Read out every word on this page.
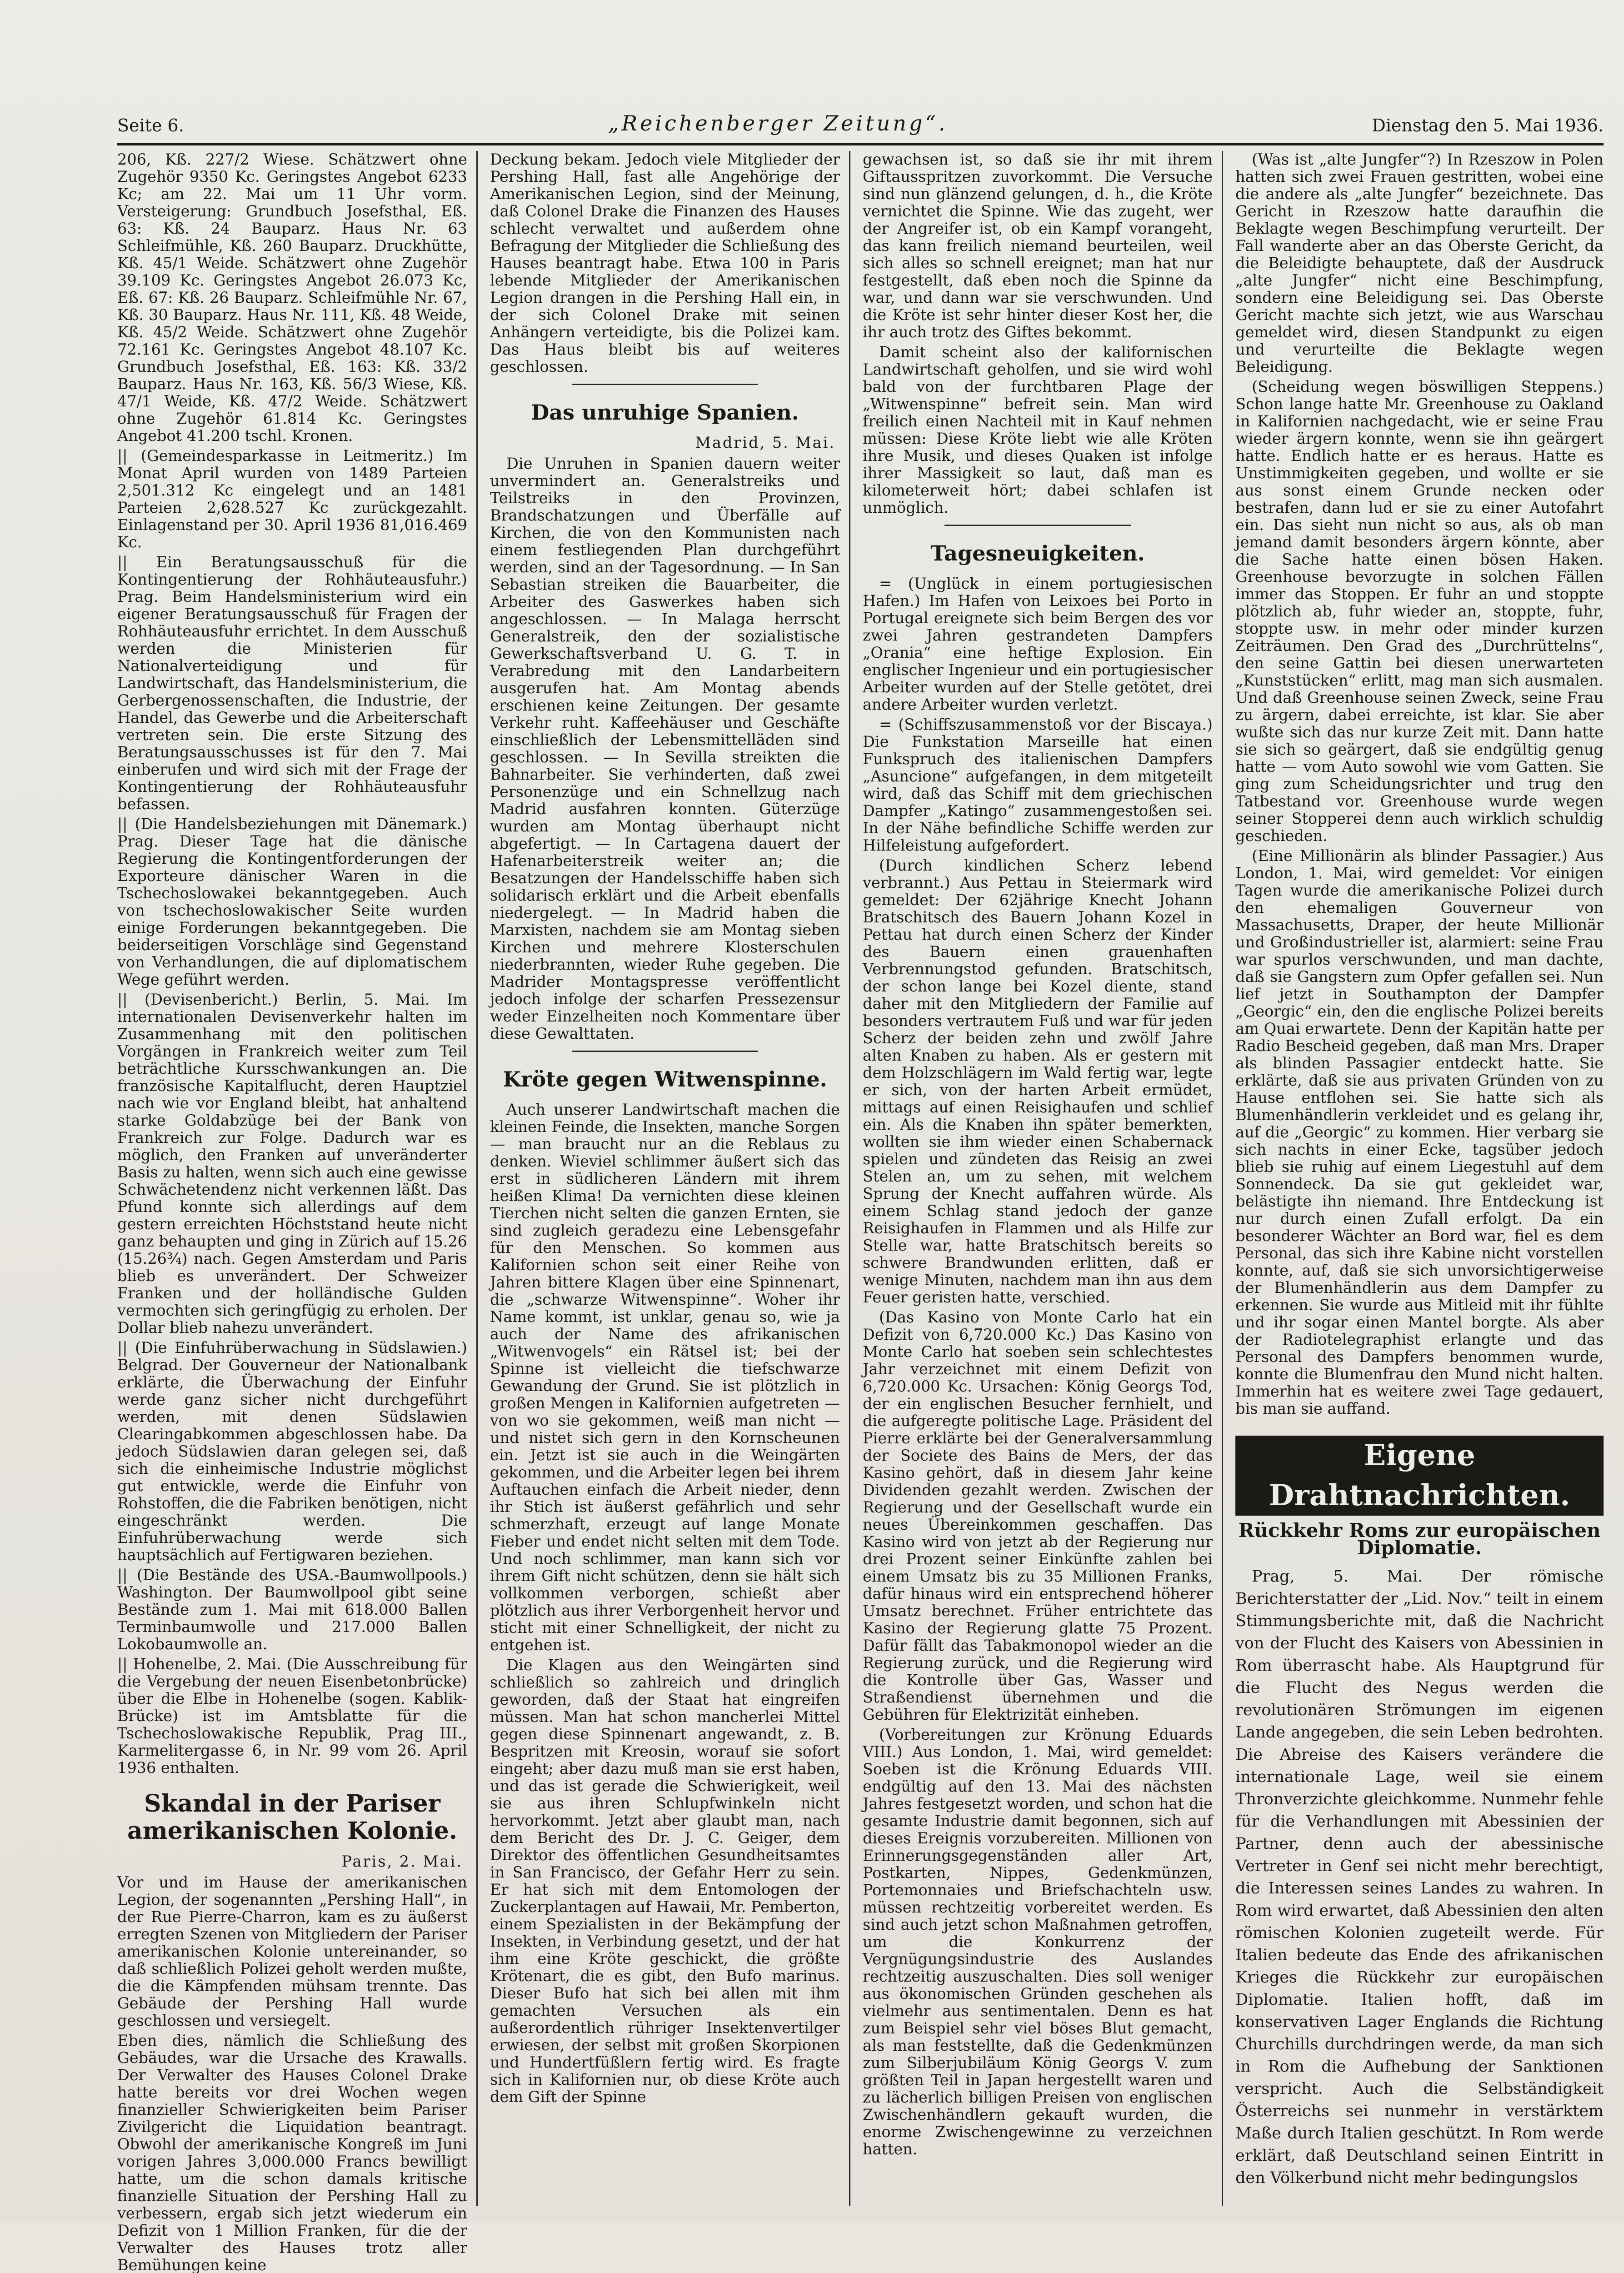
Seite 6.	„Reichenberger Zeitung“.	Dienstag den 5. Mai 1936.

206, Kß. 227/2 Wiese. Schätzwert ohne Zugehör 9350 Kc. Geringstes Angebot 6233 Kc; am 22. Mai um 11 Uhr vorm. Versteigerung: Grundbuch Josefsthal, Eß. 63: Kß. 24 Bauparz. Haus Nr. 63 Schleifmühle, Kß. 260 Bauparz. Druckhütte, Kß. 45/1 Weide. Schätzwert ohne Zugehör 39.109 Kc. Geringstes Angebot 26.073 Kc, Eß. 67: Kß. 26 Bauparz. Schleifmühle Nr. 67, Kß. 30 Bauparz. Haus Nr. 111, Kß. 48 Weide, Kß. 45/2 Weide. Schätzwert ohne Zugehör 72.161 Kc. Geringstes Angebot 48.107 Kc. Grundbuch Josefsthal, Eß. 163: Kß. 33/2 Bauparz. Haus Nr. 163, Kß. 56/3 Wiese, Kß. 47/1 Weide, Kß. 47/2 Weide. Schätzwert ohne Zugehör 61.814 Kc. Geringstes Angebot 41.200 tschl. Kronen.

|| (Gemeindesparkasse in Leitmeritz.) Im Monat April wurden von 1489 Parteien 2,501.312 Kc eingelegt und an 1481 Parteien 2,628.527 Kc zurückgezahlt. Einlagenstand per 30. April 1936 81,016.469 Kc.

|| Ein Beratungsausschuß für die Kontingentierung der Rohhäuteausfuhr.) Prag. Beim Handelsministerium wird ein eigener Beratungsausschuß für Fragen der Rohhäuteausfuhr errichtet. In dem Ausschuß werden die Ministerien für Nationalverteidigung und für Landwirtschaft, das Handelsministerium, die Gerbergenossenschaften, die Industrie, der Handel, das Gewerbe und die Arbeiterschaft vertreten sein. Die erste Sitzung des Beratungsausschusses ist für den 7. Mai einberufen und wird sich mit der Frage der Kontingentierung der Rohhäuteausfuhr befassen.

|| (Die Handelsbeziehungen mit Dänemark.) Prag. Dieser Tage hat die dänische Regierung die Kontingentforderungen der Exporteure dänischer Waren in die Tschechoslowakei bekanntgegeben. Auch von tschechoslowakischer Seite wurden einige Forderungen bekanntgegeben. Die beiderseitigen Vorschläge sind Gegenstand von Verhandlungen, die auf diplomatischem Wege geführt werden.

|| (Devisenbericht.) Berlin, 5. Mai. Im internationalen Devisenverkehr halten im Zusammenhang mit den politischen Vorgängen in Frankreich weiter zum Teil beträchtliche Kursschwankungen an. Die französische Kapitalflucht, deren Hauptziel nach wie vor England bleibt, hat anhaltend starke Goldabzüge bei der Bank von Frankreich zur Folge. Dadurch war es möglich, den Franken auf unveränderter Basis zu halten, wenn sich auch eine gewisse Schwächetendenz nicht verkennen läßt. Das Pfund konnte sich allerdings auf dem gestern erreichten Höchststand heute nicht ganz behaupten und ging in Zürich auf 15.26 (15.26¾) nach. Gegen Amsterdam und Paris blieb es unverändert. Der Schweizer Franken und der holländische Gulden vermochten sich geringfügig zu erholen. Der Dollar blieb nahezu unverändert.

|| (Die Einfuhrüberwachung in Südslawien.) Belgrad. Der Gouverneur der Nationalbank erklärte, die Überwachung der Einfuhr werde ganz sicher nicht durchgeführt werden, mit denen Südslawien Clearingabkommen abgeschlossen habe. Da jedoch Südslawien daran gelegen sei, daß sich die einheimische Industrie möglichst gut entwickle, werde die Einfuhr von Rohstoffen, die die Fabriken benötigen, nicht eingeschränkt werden. Die Einfuhrüberwachung werde sich hauptsächlich auf Fertigwaren beziehen.

|| (Die Bestände des USA.-Baumwollpools.) Washington. Der Baumwollpool gibt seine Bestände zum 1. Mai mit 618.000 Ballen Terminbaumwolle und 217.000 Ballen Lokobaumwolle an.

|| Hohenelbe, 2. Mai. (Die Ausschreibung für die Vergebung der neuen Eisenbetonbrücke) über die Elbe in Hohenelbe (sogen. Kablik-Brücke) ist im Amtsblatte für die Tschechoslowakische Republik, Prag III., Karmelitergasse 6, in Nr. 99 vom 26. April 1936 enthalten.

Skandal in der Pariser amerikanischen Kolonie.
Paris, 2. Mai.

Vor und im Hause der amerikanischen Legion, der sogenannten „Pershing Hall“, in der Rue Pierre-Charron, kam es zu äußerst erregten Szenen von Mitgliedern der Pariser amerikanischen Kolonie untereinander, so daß schließlich Polizei geholt werden mußte, die die Kämpfenden mühsam trennte. Das Gebäude der Pershing Hall wurde geschlossen und versiegelt.

Eben dies, nämlich die Schließung des Gebäudes, war die Ursache des Krawalls. Der Verwalter des Hauses Colonel Drake hatte bereits vor drei Wochen wegen finanzieller Schwierigkeiten beim Pariser Zivilgericht die Liquidation beantragt. Obwohl der amerikanische Kongreß im Juni vorigen Jahres 3,000.000 Francs bewilligt hatte, um die schon damals kritische finanzielle Situation der Pershing Hall zu verbessern, ergab sich jetzt wiederum ein Defizit von 1 Million Franken, für die der Verwalter des Hauses trotz aller Bemühungen keine

Deckung bekam. Jedoch viele Mitglieder der Pershing Hall, fast alle Angehörige der Amerikanischen Legion, sind der Meinung, daß Colonel Drake die Finanzen des Hauses schlecht verwaltet und außerdem ohne Befragung der Mitglieder die Schließung des Hauses beantragt habe. Etwa 100 in Paris lebende Mitglieder der Amerikanischen Legion drangen in die Pershing Hall ein, in der sich Colonel Drake mit seinen Anhängern verteidigte, bis die Polizei kam. Das Haus bleibt bis auf weiteres geschlossen.

Das unruhige Spanien.
Madrid, 5. Mai.

Die Unruhen in Spanien dauern weiter unvermindert an. Generalstreiks und Teilstreiks in den Provinzen, Brandschatzungen und Überfälle auf Kirchen, die von den Kommunisten nach einem festliegenden Plan durchgeführt werden, sind an der Tagesordnung. — In San Sebastian streiken die Bauarbeiter, die Arbeiter des Gaswerkes haben sich angeschlossen. — In Malaga herrscht Generalstreik, den der sozialistische Gewerkschaftsverband U. G. T. in Verabredung mit den Landarbeitern ausgerufen hat. Am Montag abends erschienen keine Zeitungen. Der gesamte Verkehr ruht. Kaffeehäuser und Geschäfte einschließlich der Lebensmittelläden sind geschlossen. — In Sevilla streikten die Bahnarbeiter. Sie verhinderten, daß zwei Personenzüge und ein Schnellzug nach Madrid ausfahren konnten. Güterzüge wurden am Montag überhaupt nicht abgefertigt. — In Cartagena dauert der Hafenarbeiterstreik weiter an; die Besatzungen der Handelsschiffe haben sich solidarisch erklärt und die Arbeit ebenfalls niedergelegt. — In Madrid haben die Marxisten, nachdem sie am Montag sieben Kirchen und mehrere Klosterschulen niederbrannten, wieder Ruhe gegeben. Die Madrider Montagspresse veröffentlicht jedoch infolge der scharfen Pressezensur weder Einzelheiten noch Kommentare über diese Gewalttaten.

Kröte gegen Witwenspinne.

Auch unserer Landwirtschaft machen die kleinen Feinde, die Insekten, manche Sorgen — man braucht nur an die Reblaus zu denken. Wieviel schlimmer äußert sich das erst in südlicheren Ländern mit ihrem heißen Klima! Da vernichten diese kleinen Tierchen nicht selten die ganzen Ernten, sie sind zugleich geradezu eine Lebensgefahr für den Menschen. So kommen aus Kalifornien schon seit einer Reihe von Jahren bittere Klagen über eine Spinnenart, die „schwarze Witwenspinne“. Woher ihr Name kommt, ist unklar, genau so, wie ja auch der Name des afrikanischen „Witwenvogels“ ein Rätsel ist; bei der Spinne ist vielleicht die tiefschwarze Gewandung der Grund. Sie ist plötzlich in großen Mengen in Kalifornien aufgetreten — von wo sie gekommen, weiß man nicht — und nistet sich gern in den Kornscheunen ein. Jetzt ist sie auch in die Weingärten gekommen, und die Arbeiter legen bei ihrem Auftauchen einfach die Arbeit nieder, denn ihr Stich ist äußerst gefährlich und sehr schmerzhaft, erzeugt auf lange Monate Fieber und endet nicht selten mit dem Tode. Und noch schlimmer, man kann sich vor ihrem Gift nicht schützen, denn sie hält sich vollkommen verborgen, schießt aber plötzlich aus ihrer Verborgenheit hervor und sticht mit einer Schnelligkeit, der nicht zu entgehen ist.

Die Klagen aus den Weingärten sind schließlich so zahlreich und dringlich geworden, daß der Staat hat eingreifen müssen. Man hat schon mancherlei Mittel gegen diese Spinnenart angewandt, z. B. Bespritzen mit Kreosin, worauf sie sofort eingeht; aber dazu muß man sie erst haben, und das ist gerade die Schwierigkeit, weil sie aus ihren Schlupfwinkeln nicht hervorkommt. Jetzt aber glaubt man, nach dem Bericht des Dr. J. C. Geiger, dem Direktor des öffentlichen Gesundheitsamtes in San Francisco, der Gefahr Herr zu sein. Er hat sich mit dem Entomologen der Zuckerplantagen auf Hawaii, Mr. Pemberton, einem Spezialisten in der Bekämpfung der Insekten, in Verbindung gesetzt, und der hat ihm eine Kröte geschickt, die größte Krötenart, die es gibt, den Bufo marinus. Dieser Bufo hat sich bei allen mit ihm gemachten Versuchen als ein außerordentlich rühriger Insektenvertilger erwiesen, der selbst mit großen Skorpionen und Hundertfüßlern fertig wird. Es fragte sich in Kalifornien nur, ob diese Kröte auch dem Gift der Spinne

gewachsen ist, so daß sie ihr mit ihrem Giftausspritzen zuvorkommt. Die Versuche sind nun glänzend gelungen, d. h., die Kröte vernichtet die Spinne. Wie das zugeht, wer der Angreifer ist, ob ein Kampf vorangeht, das kann freilich niemand beurteilen, weil sich alles so schnell ereignet; man hat nur festgestellt, daß eben noch die Spinne da war, und dann war sie verschwunden. Und die Kröte ist sehr hinter dieser Kost her, die ihr auch trotz des Giftes bekommt.

Damit scheint also der kalifornischen Landwirtschaft geholfen, und sie wird wohl bald von der furchtbaren Plage der „Witwenspinne“ befreit sein. Man wird freilich einen Nachteil mit in Kauf nehmen müssen: Diese Kröte liebt wie alle Kröten ihre Musik, und dieses Quaken ist infolge ihrer Massigkeit so laut, daß man es kilometerweit hört; dabei schlafen ist unmöglich.

Tagesneuigkeiten.

= (Unglück in einem portugiesischen Hafen.) Im Hafen von Leixoes bei Porto in Portugal ereignete sich beim Bergen des vor zwei Jahren gestrandeten Dampfers „Orania“ eine heftige Explosion. Ein englischer Ingenieur und ein portugiesischer Arbeiter wurden auf der Stelle getötet, drei andere Arbeiter wurden verletzt.

= (Schiffszusammenstoß vor der Biscaya.) Die Funkstation Marseille hat einen Funkspruch des italienischen Dampfers „Asuncione“ aufgefangen, in dem mitgeteilt wird, daß das Schiff mit dem griechischen Dampfer „Katingo“ zusammengestoßen sei. In der Nähe befindliche Schiffe werden zur Hilfeleistung aufgefordert.

(Durch kindlichen Scherz lebend verbrannt.) Aus Pettau in Steiermark wird gemeldet: Der 62jährige Knecht Johann Bratschitsch des Bauern Johann Kozel in Pettau hat durch einen Scherz der Kinder des Bauern einen grauenhaften Verbrennungstod gefunden. Bratschitsch, der schon lange bei Kozel diente, stand daher mit den Mitgliedern der Familie auf besonders vertrautem Fuß und war für jeden Scherz der beiden zehn und zwölf Jahre alten Knaben zu haben. Als er gestern mit dem Holzschlägern im Wald fertig war, legte er sich, von der harten Arbeit ermüdet, mittags auf einen Reisighaufen und schlief ein. Als die Knaben ihn später bemerkten, wollten sie ihm wieder einen Schabernack spielen und zündeten das Reisig an zwei Stelen an, um zu sehen, mit welchem Sprung der Knecht auffahren würde. Als einem Schlag stand jedoch der ganze Reisighaufen in Flammen und als Hilfe zur Stelle war, hatte Bratschitsch bereits so schwere Brandwunden erlitten, daß er wenige Minuten, nachdem man ihn aus dem Feuer geristen hatte, verschied.

(Das Kasino von Monte Carlo hat ein Defizit von 6,720.000 Kc.) Das Kasino von Monte Carlo hat soeben sein schlechtestes Jahr verzeichnet mit einem Defizit von 6,720.000 Kc. Ursachen: König Georgs Tod, der ein englischen Besucher fernhielt, und die aufgeregte politische Lage. Präsident del Pierre erklärte bei der Generalversammlung der Societe des Bains de Mers, der das Kasino gehört, daß in diesem Jahr keine Dividenden gezahlt werden. Zwischen der Regierung und der Gesellschaft wurde ein neues Übereinkommen geschaffen. Das Kasino wird von jetzt ab der Regierung nur drei Prozent seiner Einkünfte zahlen bei einem Umsatz bis zu 35 Millionen Franks, dafür hinaus wird ein entsprechend höherer Umsatz berechnet. Früher entrichtete das Kasino der Regierung glatte 75 Prozent. Dafür fällt das Tabakmonopol wieder an die Regierung zurück, und die Regierung wird die Kontrolle über Gas, Wasser und Straßendienst übernehmen und die Gebühren für Elektrizität einheben.

(Vorbereitungen zur Krönung Eduards VIII.) Aus London, 1. Mai, wird gemeldet: Soeben ist die Krönung Eduards VIII. endgültig auf den 13. Mai des nächsten Jahres festgesetzt worden, und schon hat die gesamte Industrie damit begonnen, sich auf dieses Ereignis vorzubereiten. Millionen von Erinnerungsgegenständen aller Art, Postkarten, Nippes, Gedenkmünzen, Portemonnaies und Briefschachteln usw. müssen rechtzeitig vorbereitet werden. Es sind auch jetzt schon Maßnahmen getroffen, um die Konkurrenz der Vergnügungsindustrie des Auslandes rechtzeitig auszuschalten. Dies soll weniger aus ökonomischen Gründen geschehen als vielmehr aus sentimentalen. Denn es hat zum Beispiel sehr viel böses Blut gemacht, als man feststellte, daß die Gedenkmünzen zum Silberjubiläum König Georgs V. zum größten Teil in Japan hergestellt waren und zu lächerlich billigen Preisen von englischen Zwischenhändlern gekauft wurden, die enorme Zwischengewinne zu verzeichnen hatten.

(Was ist „alte Jungfer“?) In Rzeszow in Polen hatten sich zwei Frauen gestritten, wobei eine die andere als „alte Jungfer“ bezeichnete. Das Gericht in Rzeszow hatte daraufhin die Beklagte wegen Beschimpfung verurteilt. Der Fall wanderte aber an das Oberste Gericht, da die Beleidigte behauptete, daß der Ausdruck „alte Jungfer“ nicht eine Beschimpfung, sondern eine Beleidigung sei. Das Oberste Gericht machte sich jetzt, wie aus Warschau gemeldet wird, diesen Standpunkt zu eigen und verurteilte die Beklagte wegen Beleidigung.

(Scheidung wegen böswilligen Steppens.) Schon lange hatte Mr. Greenhouse zu Oakland in Kalifornien nachgedacht, wie er seine Frau wieder ärgern konnte, wenn sie ihn geärgert hatte. Endlich hatte er es heraus. Hatte es Unstimmigkeiten gegeben, und wollte er sie aus sonst einem Grunde necken oder bestrafen, dann lud er sie zu einer Autofahrt ein. Das sieht nun nicht so aus, als ob man jemand damit besonders ärgern könnte, aber die Sache hatte einen bösen Haken. Greenhouse bevorzugte in solchen Fällen immer das Stoppen. Er fuhr an und stoppte plötzlich ab, fuhr wieder an, stoppte, fuhr, stoppte usw. in mehr oder minder kurzen Zeiträumen. Den Grad des „Durchrüttelns“, den seine Gattin bei diesen unerwarteten „Kunststücken“ erlitt, mag man sich ausmalen. Und daß Greenhouse seinen Zweck, seine Frau zu ärgern, dabei erreichte, ist klar. Sie aber wußte sich das nur kurze Zeit mit. Dann hatte sie sich so geärgert, daß sie endgültig genug hatte — vom Auto sowohl wie vom Gatten. Sie ging zum Scheidungsrichter und trug den Tatbestand vor. Greenhouse wurde wegen seiner Stopperei denn auch wirklich schuldig geschieden.

(Eine Millionärin als blinder Passagier.) Aus London, 1. Mai, wird gemeldet: Vor einigen Tagen wurde die amerikanische Polizei durch den ehemaligen Gouverneur von Massachusetts, Draper, der heute Millionär und Großindustrieller ist, alarmiert: seine Frau war spurlos verschwunden, und man dachte, daß sie Gangstern zum Opfer gefallen sei. Nun lief jetzt in Southampton der Dampfer „Georgic“ ein, den die englische Polizei bereits am Quai erwartete. Denn der Kapitän hatte per Radio Bescheid gegeben, daß man Mrs. Draper als blinden Passagier entdeckt hatte. Sie erklärte, daß sie aus privaten Gründen von zu Hause entflohen sei. Sie hatte sich als Blumenhändlerin verkleidet und es gelang ihr, auf die „Georgic“ zu kommen. Hier verbarg sie sich nachts in einer Ecke, tagsüber jedoch blieb sie ruhig auf einem Liegestuhl auf dem Sonnendeck. Da sie gut gekleidet war, belästigte ihn niemand. Ihre Entdeckung ist nur durch einen Zufall erfolgt. Da ein besonderer Wächter an Bord war, fiel es dem Personal, das sich ihre Kabine nicht vorstellen konnte, auf, daß sie sich unvorsichtigerweise der Blumenhändlerin aus dem Dampfer zu erkennen. Sie wurde aus Mitleid mit ihr fühlte und ihr sogar einen Mantel borgte. Als aber der Radiotelegraphist erlangte und das Personal des Dampfers benommen wurde, konnte die Blumenfrau den Mund nicht halten. Immerhin hat es weitere zwei Tage gedauert, bis man sie auffand.

Eigene Drahtnachrichten.
Rückkehr Roms zur europäischen Diplomatie.

Prag, 5. Mai. Der römische Berichterstatter der „Lid. Nov.“ teilt in einem Stimmungsberichte mit, daß die Nachricht von der Flucht des Kaisers von Abessinien in Rom überrascht habe. Als Hauptgrund für die Flucht des Negus werden die revolutionären Strömungen im eigenen Lande angegeben, die sein Leben bedrohten. Die Abreise des Kaisers verändere die internationale Lage, weil sie einem Thronverzichte gleichkomme. Nunmehr fehle für die Verhandlungen mit Abessinien der Partner, denn auch der abessinische Vertreter in Genf sei nicht mehr berechtigt, die Interessen seines Landes zu wahren. In Rom wird erwartet, daß Abessinien den alten römischen Kolonien zugeteilt werde. Für Italien bedeute das Ende des afrikanischen Krieges die Rückkehr zur europäischen Diplomatie. Italien hofft, daß im konservativen Lager Englands die Richtung Churchills durchdringen werde, da man sich in Rom die Aufhebung der Sanktionen verspricht. Auch die Selbständigkeit Österreichs sei nunmehr in verstärktem Maße durch Italien geschützt. In Rom werde erklärt, daß Deutschland seinen Eintritt in den Völkerbund nicht mehr bedingungslos
